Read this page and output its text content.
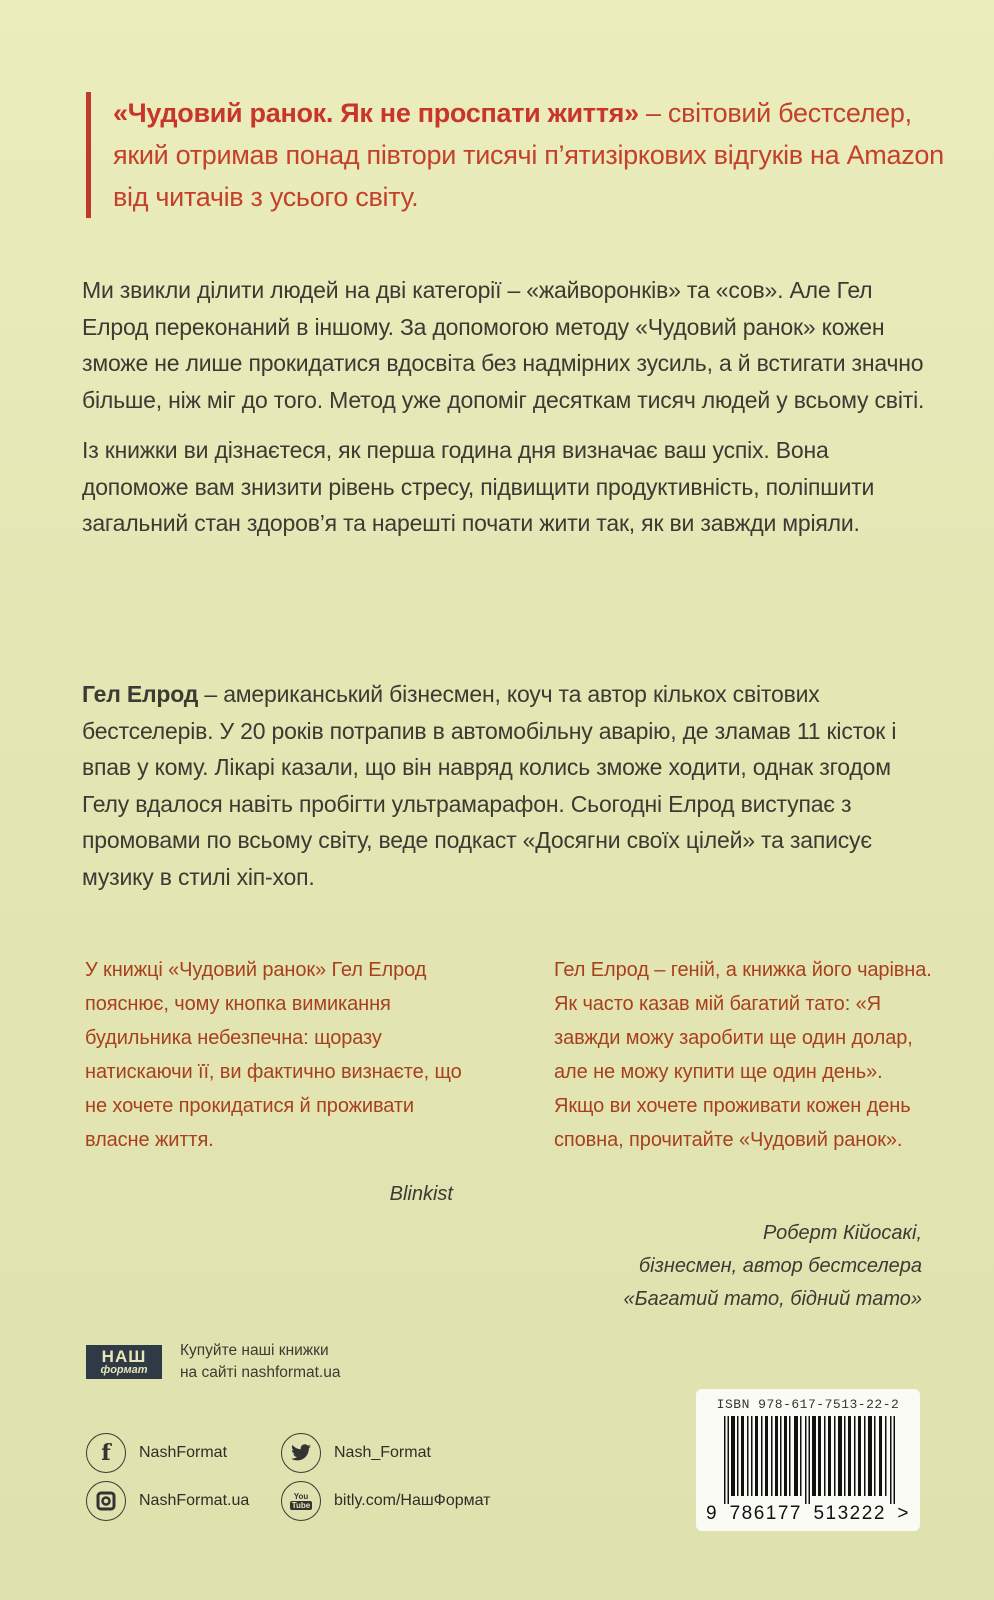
«Чудовий ранок. Як не проспати життя» – світовий бестселер, який отримав понад півтори тисячі п’ятизіркових відгуків на Amazon від читачів з усього світу.

Ми звикли ділити людей на дві категорії – «жайворонків» та «сов». Але Гел Елрод переконаний в іншому. За допомогою методу «Чудовий ранок» кожен зможе не лише прокидатися вдосвіта без надмірних зусиль, а й встигати значно більше, ніж міг до того. Метод уже допоміг десяткам тисяч людей у всьому світі.

Із книжки ви дізнаєтеся, як перша година дня визначає ваш успіх. Вона допоможе вам знизити рівень стресу, підвищити продуктивність, поліпшити загальний стан здоров’я та нарешті почати жити так, як ви завжди мріяли.

Гел Елрод – американський бізнесмен, коуч та автор кількох світових бестселерів. У 20 років потрапив в автомобільну аварію, де зламав 11 кісток і впав у кому. Лікарі казали, що він навряд колись зможе ходити, однак згодом Гелу вдалося навіть пробігти ультрамарафон. Сьогодні Елрод виступає з промовами по всьому світу, веде подкаст «Досягни своїх цілей» та записує музику в стилі хіп-хоп.

У книжці «Чудовий ранок» Гел Елрод пояснює, чому кнопка вимикання будильника небезпечна: щоразу натискаючи її, ви фактично визнаєте, що не хочете прокидатися й проживати власне життя.
Blinkist
Гел Елрод – геній, а книжка його чарівна. Як часто казав мій багатий тато: «Я завжди можу заробити ще один долар, але не можу купити ще один день». Якщо ви хочете проживати кожен день сповна, прочитайте «Чудовий ранок».
Роберт Кійосакі,
бізнесмен, автор бестселера
«Багатий тато, бідний тато»
НАШ
формат
Купуйте наші книжки
на сайті nashformat.ua
f	NashFormat	Nash_Format
NashFormat.ua	You
Tube bitly.com/НашФормат
ISBN 978-617-7513-22-2
9 786177 513222 >
